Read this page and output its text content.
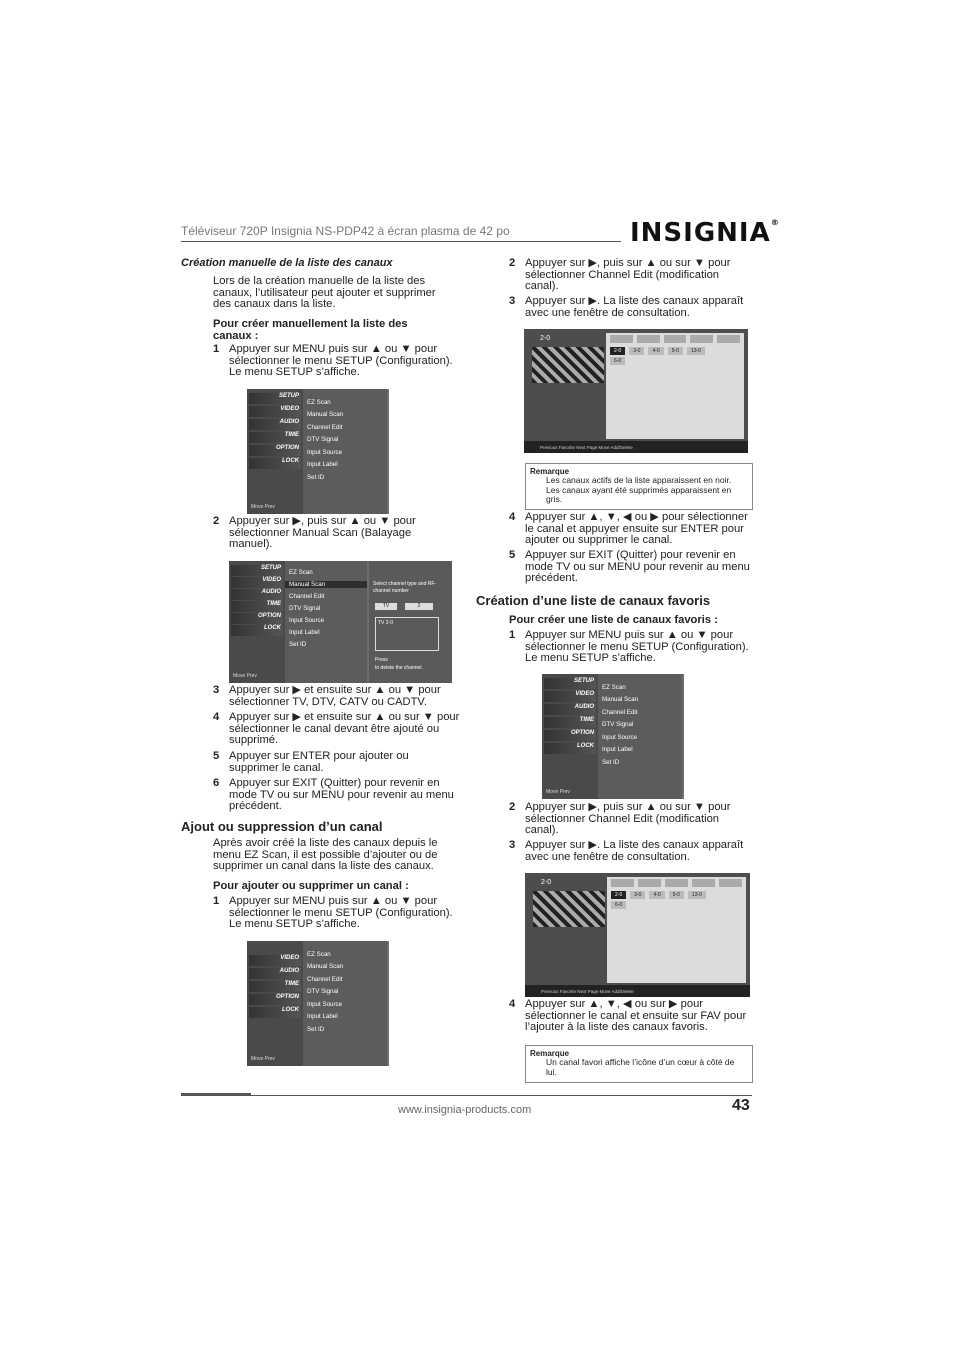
Téléviseur 720P Insignia NS-PDP42 à écran plasma de 42 po	INSIGNIA®
Création manuelle de la liste des canaux
Lors de la création manuelle de la liste des
canaux, l’utilisateur peut ajouter et supprimer
des canaux dans la liste.
Pour créer manuellement la liste des
canaux :
1 Appuyer sur MENU puis sur ▲ ou ▼ pour
sélectionner le menu SETUP (Configuration).
Le menu SETUP s’affiche.
SETUP
VIDEO
AUDIO
TIME
OPTION
LOCK
EZ Scan
Manual Scan
Channel Edit
DTV Signal
Input Source
Input Label
Set ID
Move Prev
2 Appuyer sur ▶, puis sur ▲ ou ▼ pour
sélectionner Manual Scan (Balayage
manuel).
SETUP
VIDEO
AUDIO
TIME
OPTION
LOCK
EZ Scan
Manual Scan
Channel Edit
DTV Signal
Input Source
Input Label
Set ID
Select channel type and RF-channel number
TV	2
TV 2-0
Press
to delete the channel.
Move Prev
3 Appuyer sur ▶ et ensuite sur ▲ ou ▼ pour
sélectionner TV, DTV, CATV ou CADTV.
4 Appuyer sur ▶ et ensuite sur ▲ ou sur ▼ pour
sélectionner le canal devant être ajouté ou
supprimé.
5 Appuyer sur ENTER pour ajouter ou
supprimer le canal.
6 Appuyer sur EXIT (Quitter) pour revenir en
mode TV ou sur MENU pour revenir au menu
précédent.
Ajout ou suppression d’un canal
Après avoir créé la liste des canaux depuis le
menu EZ Scan, il est possible d’ajouter ou de
supprimer un canal dans la liste des canaux.
Pour ajouter ou supprimer un canal :
1 Appuyer sur MENU puis sur ▲ ou ▼ pour
sélectionner le menu SETUP (Configuration).
Le menu SETUP s’affiche.
VIDEO
AUDIO
TIME
OPTION
LOCK
EZ Scan
Manual Scan
Channel Edit
DTV Signal
Input Source
Input Label
Set ID
Move Prev
2 Appuyer sur ▶, puis sur ▲ ou sur ▼ pour
sélectionner Channel Edit (modification
canal).
3 Appuyer sur ▶. La liste des canaux apparaît
avec une fenêtre de consultation.
2-0
2-0	3-0	4-0	5-0	13-0
6-0
Previous Favorite Next Page Move Add/Delete
Remarque
Les canaux actifs de la liste apparaissent en noir.
Les canaux ayant été supprimés apparaissent en
gris.
4 Appuyer sur ▲, ▼, ◀ ou ▶ pour sélectionner
le canal et appuyer ensuite sur ENTER pour
ajouter ou supprimer le canal.
5 Appuyer sur EXIT (Quitter) pour revenir en
mode TV ou sur MENU pour revenir au menu
précédent.
Création d’une liste de canaux favoris
Pour créer une liste de canaux favoris :
1 Appuyer sur MENU puis sur ▲ ou ▼ pour
sélectionner le menu SETUP (Configuration).
Le menu SETUP s’affiche.
SETUP
VIDEO
AUDIO
TIME
OPTION
LOCK
EZ Scan
Manual Scan
Channel Edit
DTV Signal
Input Source
Input Label
Set ID
Move Prev
2 Appuyer sur ▶, puis sur ▲ ou sur ▼ pour
sélectionner Channel Edit (modification
canal).
3 Appuyer sur ▶. La liste des canaux apparaît
avec une fenêtre de consultation.
2-0
2-0	3-0	4-0	5-0	13-0
6-0
Previous Favorite Next Page Move Add/Delete
4 Appuyer sur ▲, ▼, ◀ ou sur ▶ pour
sélectionner le canal et ensuite sur FAV pour
l’ajouter à la liste des canaux favoris.
Remarque
Un canal favori affiche l’icône d’un cœur à côté de
lui.
www.insignia-products.com	43
